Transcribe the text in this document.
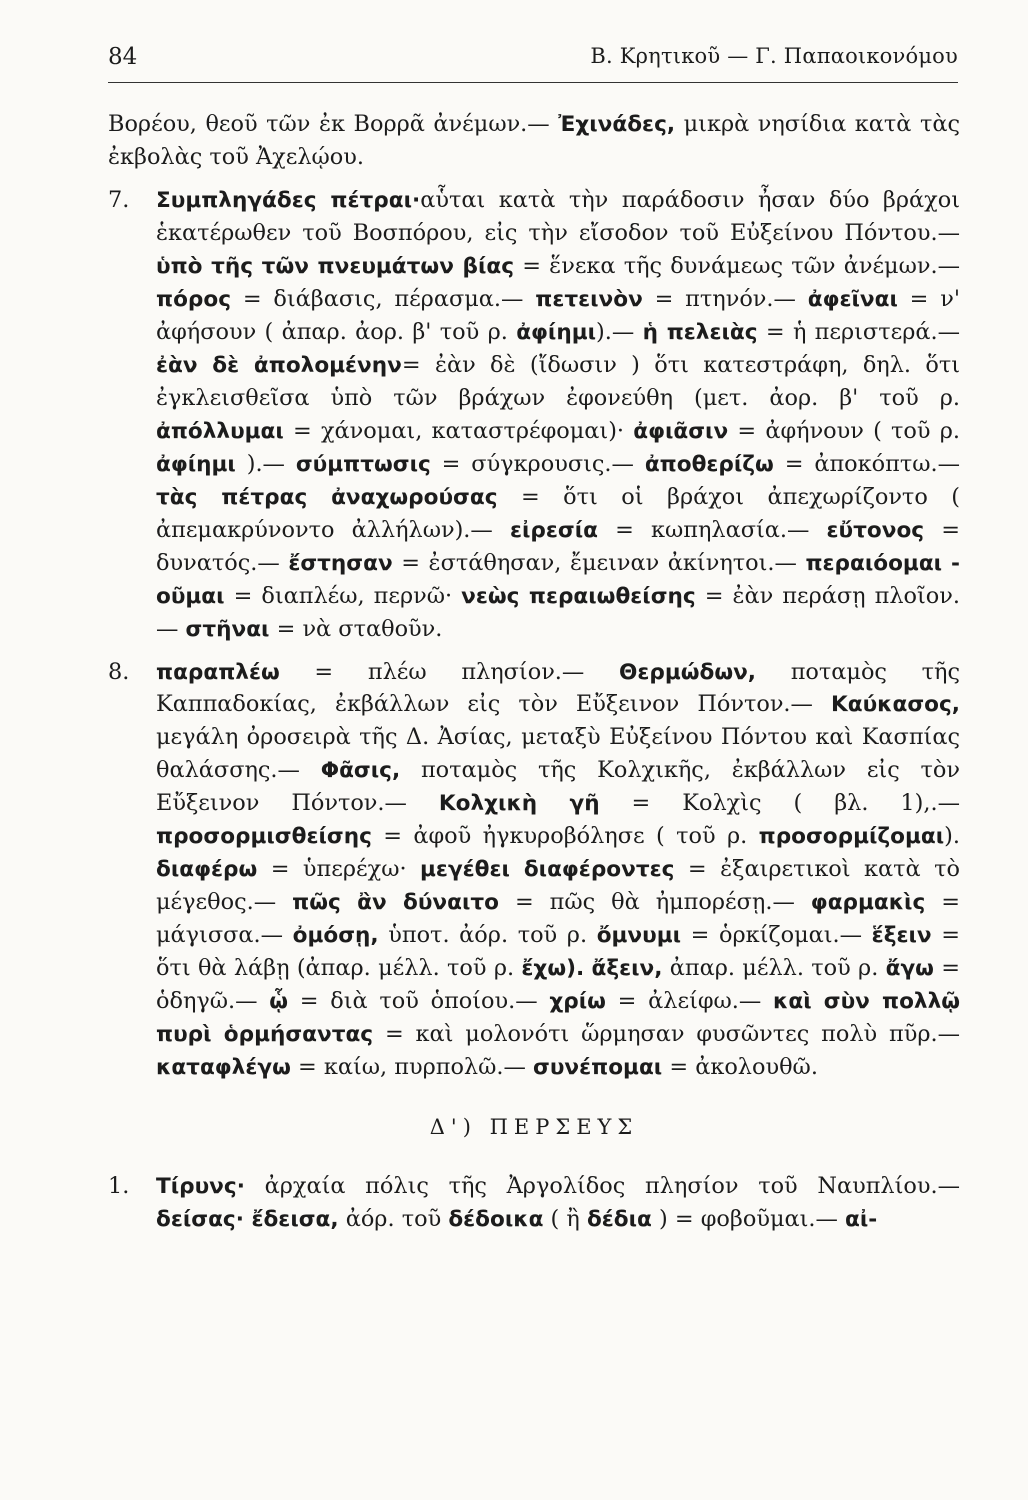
84	Β. Κρητικοῦ — Γ. Παπαοικονόμου

Βορέου, θεοῦ τῶν ἐκ Βορρᾶ ἀνέμων.— Ἐχινάδες, μικρὰ νησίδια κατὰ τὰς ἐκβολὰς τοῦ Ἀχελῴου.

7. Συμπληγάδες πέτραι·αὗται κατὰ τὴν παράδοσιν ἦσαν δύο βράχοι ἑκατέρωθεν τοῦ Βοσπόρου, εἰς τὴν εἴσοδον τοῦ Εὐξείνου Πόντου.— ὑπὸ τῆς τῶν πνευμάτων βίας = ἕνεκα τῆς δυνάμεως τῶν ἀνέμων.— πόρος = διάβασις, πέρασμα.— πετεινὸν = πτηνόν.— ἀφεῖναι = ν' ἀφήσουν ( ἀπαρ. ἀορ. β' τοῦ ρ. ἀφίημι).— ἡ πελειὰς = ἡ περιστερά.— ἐὰν δὲ ἀπολομένην= ἐὰν δὲ (ἴδωσιν ) ὅτι κατεστράφη, δηλ. ὅτι ἐγκλεισθεῖσα ὑπὸ τῶν βράχων ἐφονεύθη (μετ. ἀορ. β' τοῦ ρ. ἀπόλλυμαι = χάνομαι, καταστρέφομαι)· ἀφιᾶσιν = ἀφήνουν ( τοῦ ρ. ἀφίημι ).— σύμπτωσις = σύγκρουσις.— ἀποθερίζω = ἀποκόπτω.— τὰς πέτρας ἀναχωρούσας = ὅτι οἱ βράχοι ἀπεχωρίζοντο ( ἀπεμακρύνοντο ἀλλήλων).— εἰρεσία = κωπηλασία.— εὔτονος = δυνατός.— ἔστησαν = ἐστάθησαν, ἔμειναν ἀκίνητοι.— περαιόομαι - οῦμαι = διαπλέω, περνῶ· νεὼς περαιωθείσης = ἐὰν περάσῃ πλοῖον.— στῆναι = νὰ σταθοῦν.

8. παραπλέω = πλέω πλησίον.— Θερμώδων, ποταμὸς τῆς Καππαδοκίας, ἐκβάλλων εἰς τὸν Εὔξεινον Πόντον.— Καύκασος, μεγάλη ὀροσειρὰ τῆς Δ. Ἀσίας, μεταξὺ Εὐξείνου Πόντου καὶ Κασπίας θαλάσσης.— Φᾶσις, ποταμὸς τῆς Κολχικῆς, ἐκβάλλων εἰς τὸν Εὔξεινον Πόντον.— Κολχικὴ γῆ = Κολχὶς ( βλ. 1),.— προσορμισθείσης = ἀφοῦ ἠγκυροβόλησε ( τοῦ ρ. προσορμίζομαι). διαφέρω = ὑπερέχω· μεγέθει διαφέροντες = ἐξαιρετικοὶ κατὰ τὸ μέγεθος.— πῶς ἂν δύναιτο = πῶς θὰ ἠμπορέσῃ.— φαρμακὶς = μάγισσα.— ὀμόσῃ, ὑποτ. ἀόρ. τοῦ ρ. ὄμνυμι = ὁρκίζομαι.— ἕξειν = ὅτι θὰ λάβῃ (ἀπαρ. μέλλ. τοῦ ρ. ἔχω). ἄξειν, ἀπαρ. μέλλ. τοῦ ρ. ἄγω = ὁδηγῶ.— ᾧ = διὰ τοῦ ὁποίου.— χρίω = ἀλείφω.— καὶ σὺν πολλῷ πυρὶ ὁρμήσαντας = καὶ μολονότι ὥρμησαν φυσῶντες πολὺ πῦρ.— καταφλέγω = καίω, πυρπολῶ.— συνέπομαι = ἀκολουθῶ.

Δ') ΠΕΡΣΕΥΣ

1. Τίρυνς· ἀρχαία πόλις τῆς Ἀργολίδος πλησίον τοῦ Ναυπλίου.— δείσας· ἔδεισα, ἀόρ. τοῦ δέδοικα ( ἢ δέδια ) = φοβοῦμαι.— αἰ-
